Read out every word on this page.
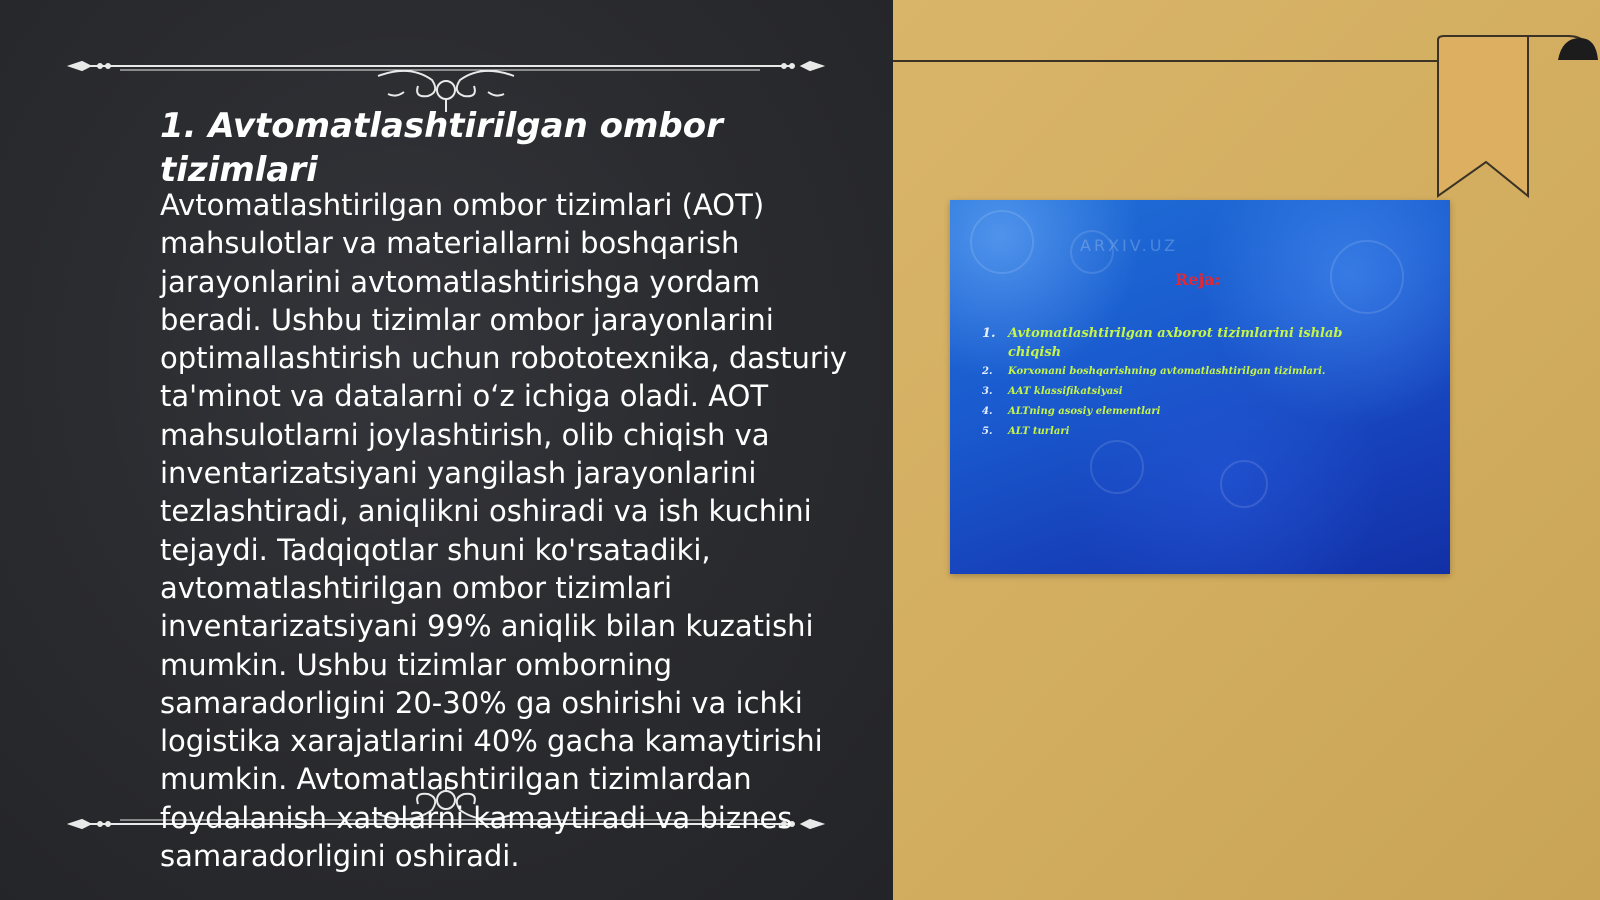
1. Avtomatlashtirilgan ombor tizimlari

Avtomatlashtirilgan ombor tizimlari (AOT) mahsulotlar va materiallarni boshqarish jarayonlarini avtomatlashtirishga yordam beradi. Ushbu tizimlar ombor jarayonlarini optimallashtirish uchun robototexnika, dasturiy ta'minot va datalarni o‘z ichiga oladi. AOT mahsulotlarni joylashtirish, olib chiqish va inventarizatsiyani yangilash jarayonlarini tezlashtiradi, aniqlikni oshiradi va ish kuchini tejaydi. Tadqiqotlar shuni ko'rsatadiki, avtomatlashtirilgan ombor tizimlari inventarizatsiyani 99% aniqlik bilan kuzatishi mumkin. Ushbu tizimlar omborning samaradorligini 20-30% ga oshirishi va ichki logistika xarajatlarini 40% gacha kamaytirishi mumkin. Avtomatlashtirilgan tizimlardan foydalanish xatolarni kamaytiradi va biznes samaradorligini oshiradi.

ARXIV.UZ
Reja:
1. Avtomatlashtirilgan axborot tizimlarini ishlab chiqish
2.	Korxonani boshqarishning avtomatlashtirilgan tizimlari.
3.	AAT klassifikatsiyasi
4.	ALTning asosiy elementlari
5.	ALT turlari
